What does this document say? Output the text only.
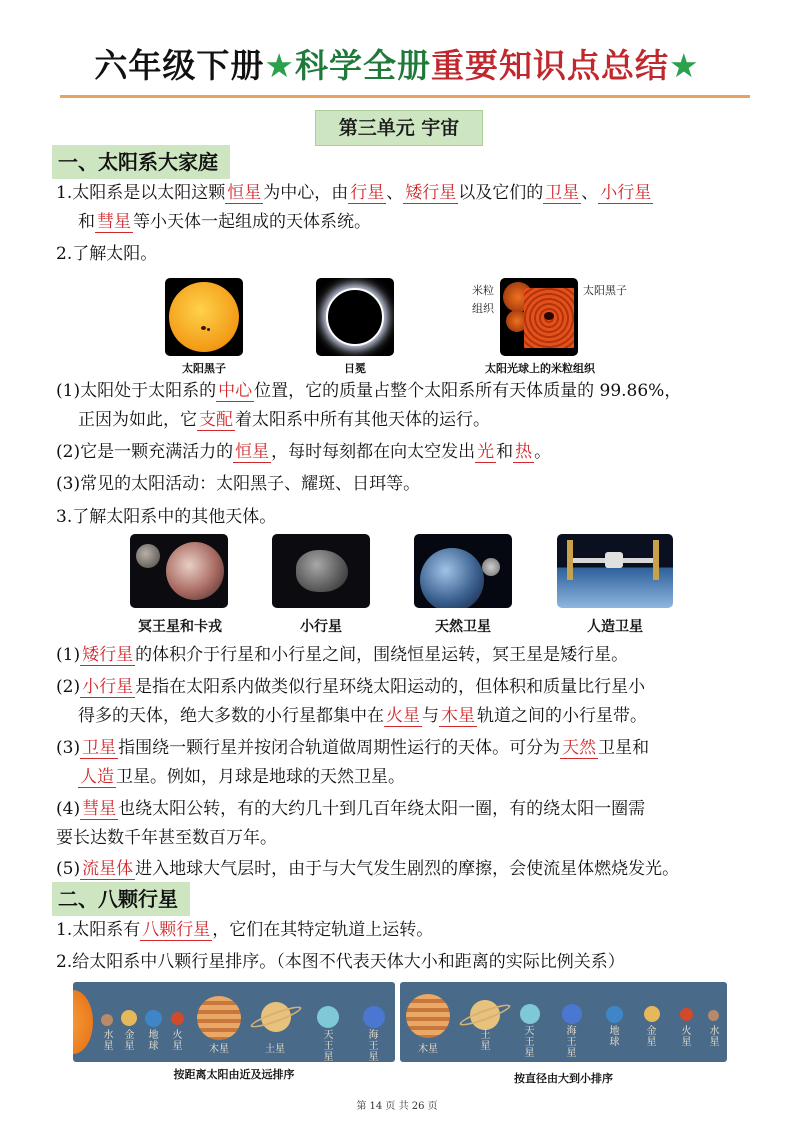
六年级下册★科学全册重要知识点总结★
第三单元 宇宙
一、太阳系大家庭
1.太阳系是以太阳这颗 恒星 为中心，由 行星 、 矮行星 以及它们的 卫星 、 小行星
和 彗星 等小天体一起组成的天体系统。
2.了解太阳。
太阳黑子	日冕
米粒
组织
太阳黑子
太阳光球上的米粒组织
(1)太阳处于太阳系的 中心 位置，它的质量占整个太阳系所有天体质量的 99.86%，
正因为如此，它 支配 着太阳系中所有其他天体的运行。
(2)它是一颗充满活力的 恒星 ，每时每刻都在向太空发出 光 和 热 。
(3)常见的太阳活动：太阳黑子、耀斑、日珥等。
3.了解太阳系中的其他天体。
冥王星和卡戎	小行星	天然卫星	人造卫星
(1) 矮行星 的体积介于行星和小行星之间，围绕恒星运转，冥王星是矮行星。
(2) 小行星 是指在太阳系内做类似行星环绕太阳运动的，但体积和质量比行星小
得多的天体，绝大多数的小行星都集中在 火星 与 木星 轨道之间的小行星带。
(3) 卫星 指围绕一颗行星并按闭合轨道做周期性运行的天体。可分为 天然 卫星和
人造 卫星。例如，月球是地球的天然卫星。
(4) 彗星 也绕太阳公转，有的大约几十到几百年绕太阳一圈，有的绕太阳一圈需
要长达数千年甚至数百万年。
(5) 流星体 进入地球大气层时，由于与大气发生剧烈的摩擦，会使流星体燃烧发光。
二、八颗行星
1.太阳系有 八颗行星 ，它们在其特定轨道上运转。
2.给太阳系中八颗行星排序。（本图不代表天体大小和距离的实际比例关系）
水星
金星
地球
火星	木星	土星
天王星
海王星
按距离太阳由近及远排序
木星
土星
天王星
海王星
地球
金星
火星
水星
按直径由大到小排序
第 14 页 共 26 页
